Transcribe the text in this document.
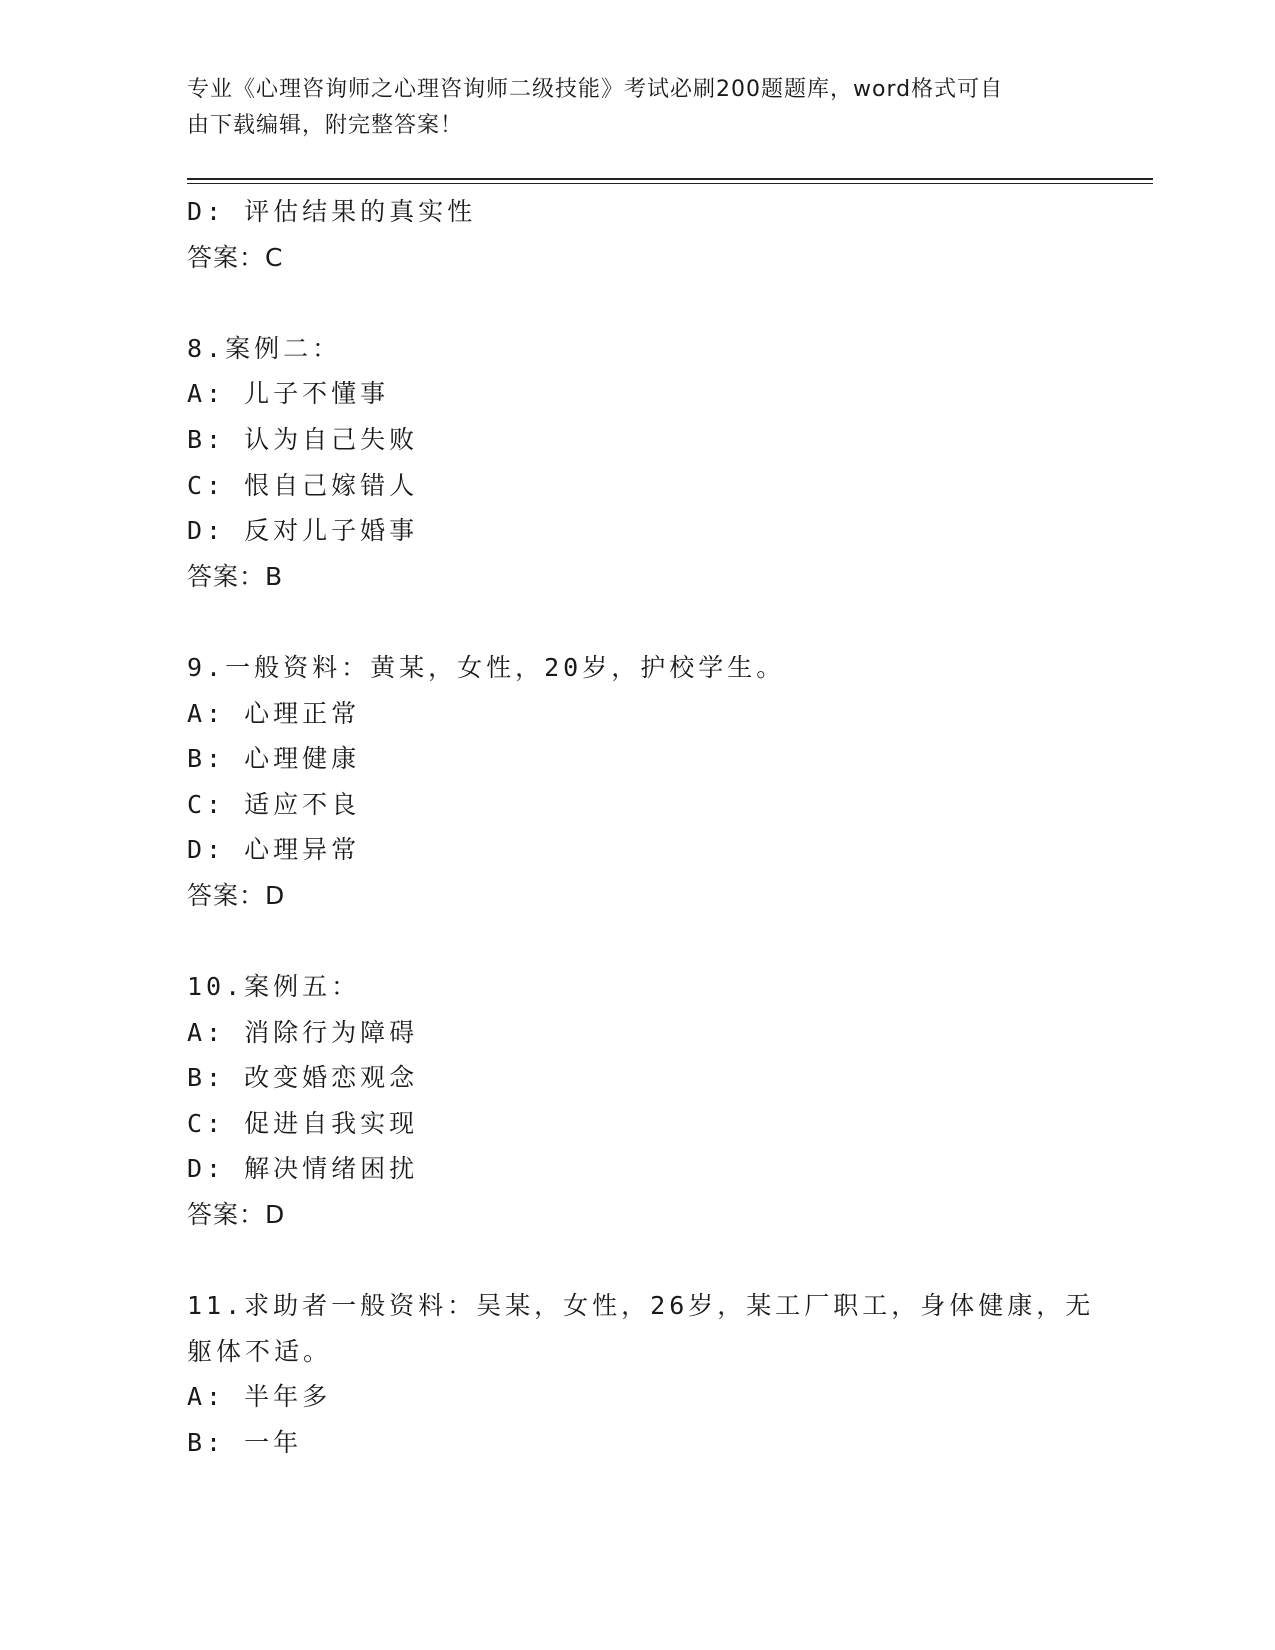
专业《心理咨询师之心理咨询师二级技能》考试必刷200题题库，word格式可自
由下载编辑，附完整答案！
D: 评估结果的真实性
答案：C
8.案例二：
A: 儿子不懂事
B: 认为自己失败
C: 恨自己嫁错人
D: 反对儿子婚事
答案：B
9.一般资料：黄某，女性，20岁，护校学生。
A: 心理正常
B: 心理健康
C: 适应不良
D: 心理异常
答案：D
10.案例五：
A: 消除行为障碍
B: 改变婚恋观念
C: 促进自我实现
D: 解决情绪困扰
答案：D
11.求助者一般资料：吴某，女性，26岁，某工厂职工，身体健康，无
躯体不适。
A: 半年多
B: 一年
